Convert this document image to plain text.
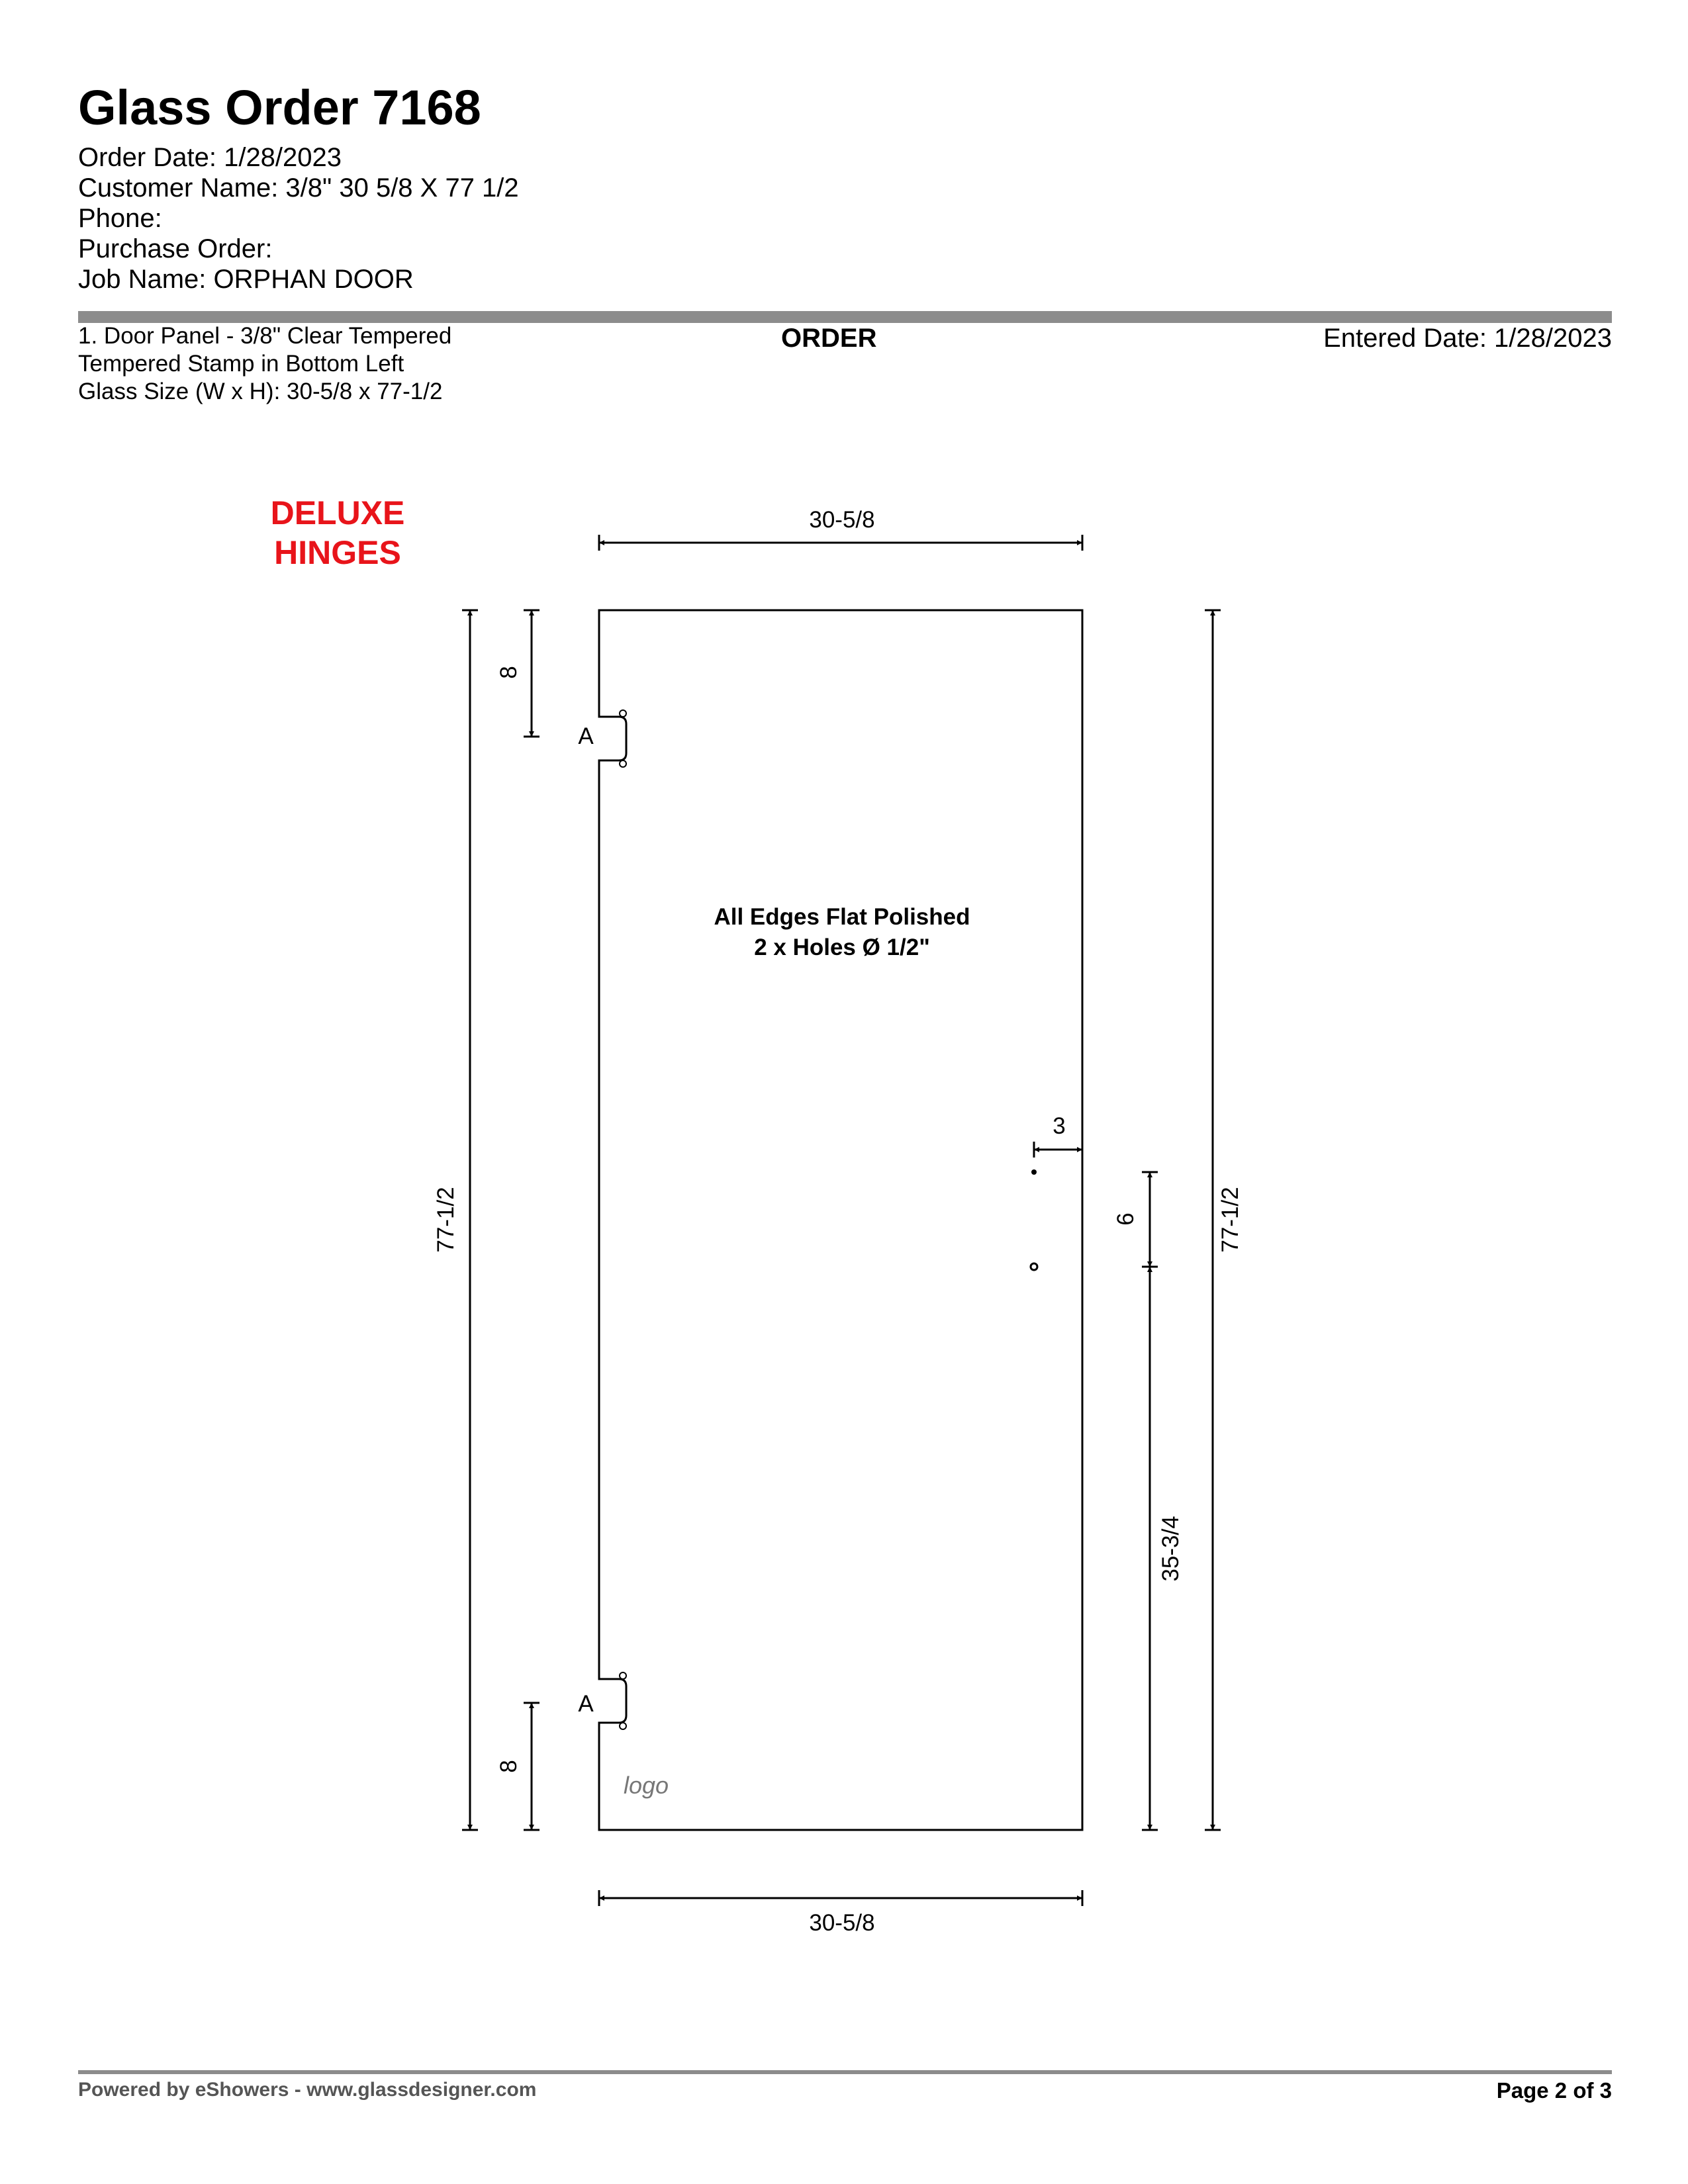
Glass Order 7168
Order Date: 1/28/2023
Customer Name: 3/8" 30 5/8 X 77 1/2
Phone:
Purchase Order:
Job Name: ORPHAN DOOR
1. Door Panel - 3/8" Clear Tempered
Tempered Stamp in Bottom Left
Glass Size (W x H): 30-5/8 x 77-1/2
ORDER	Entered Date: 1/28/2023
DELUXE
HINGES
30-5/8
30-5/8
77-1/2
8
A
8
A
77-1/2
3
6
35-3/4
All Edges Flat Polished
2 x Holes Ø 1/2"
logo
Powered by eShowers - www.glassdesigner.com	Page 2 of 3
